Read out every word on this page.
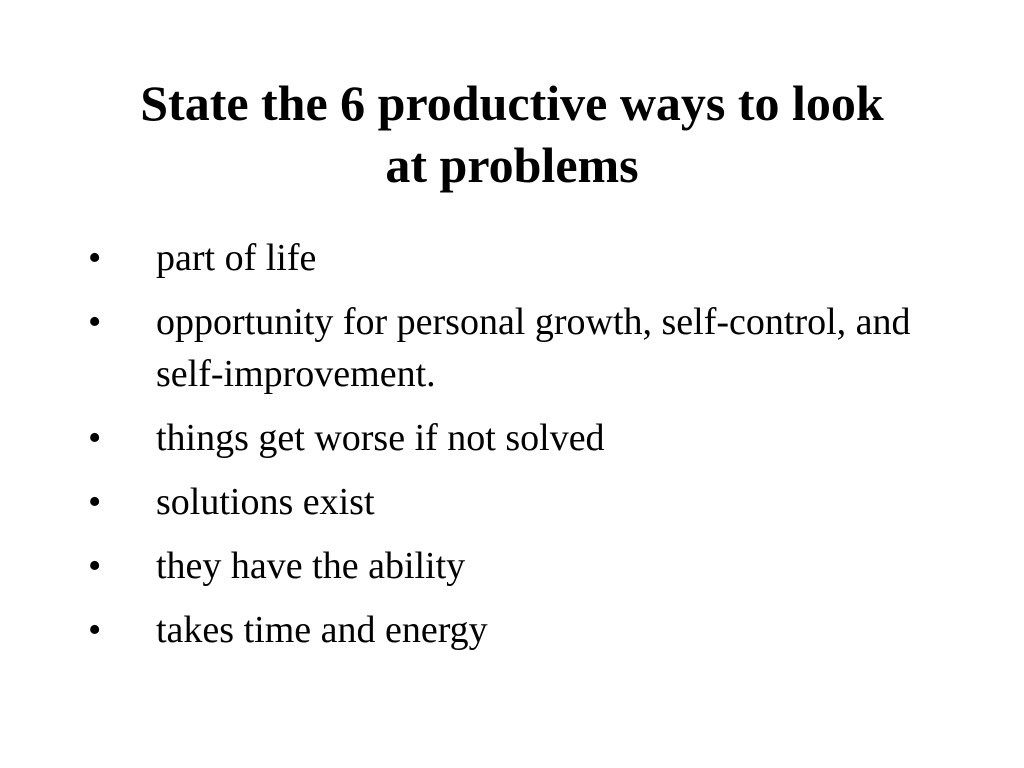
State the 6 productive ways to look
at problems
•	part of life
•	opportunity for personal growth, self-control, and self-improvement.
•	things get worse if not solved
•	solutions exist
•	they have the ability
•	takes time and energy
